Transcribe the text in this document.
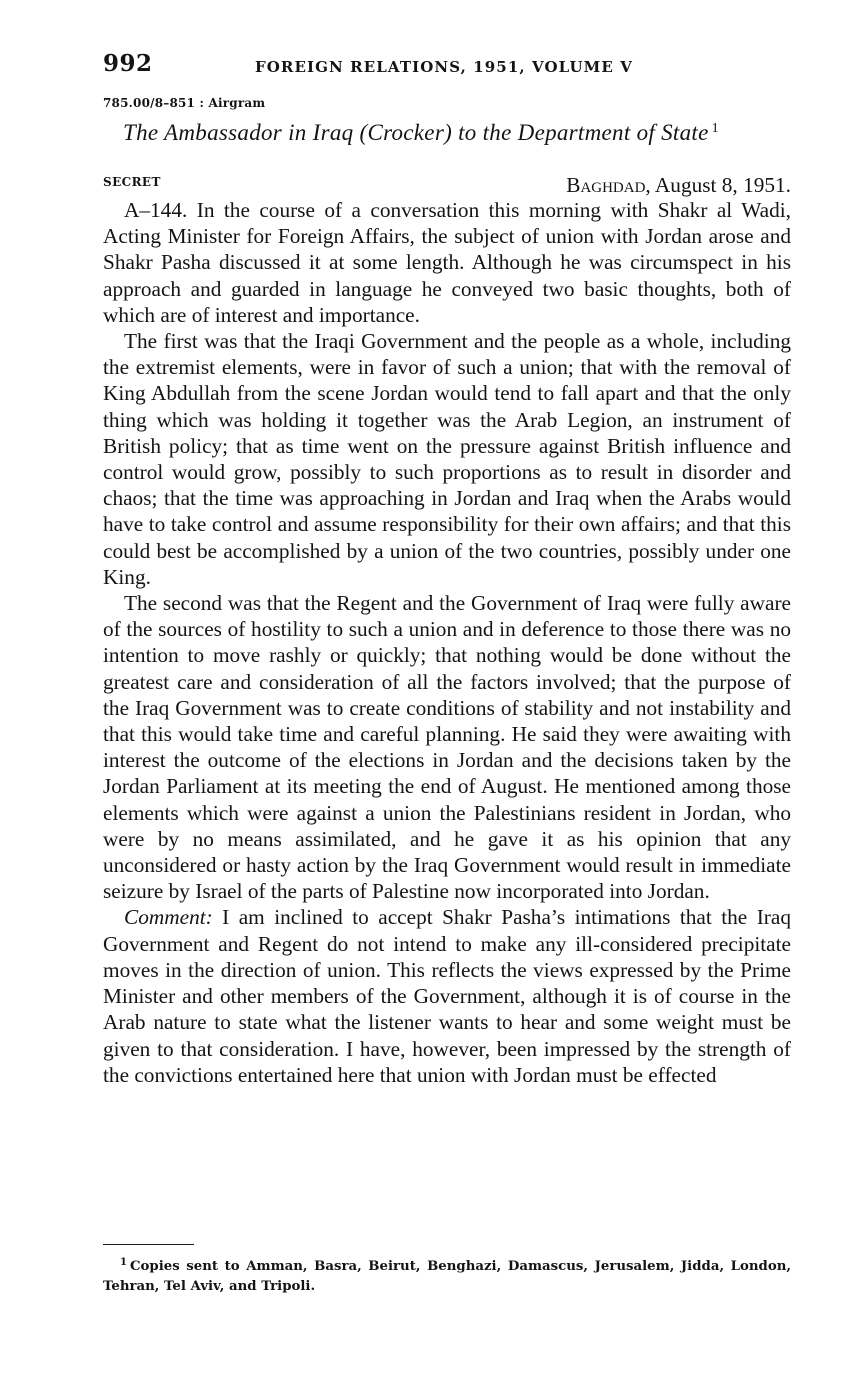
992	FOREIGN RELATIONS, 1951, VOLUME V
785.00/8–851 : Airgram
The Ambassador in Iraq (Crocker) to the Department of State $^1$
SECRET	Baghdad, August 8, 1951.

A–144. In the course of a conversation this morning with Shakr al Wadi, Acting Minister for Foreign Affairs, the subject of union with Jordan arose and Shakr Pasha discussed it at some length. Although he was circumspect in his approach and guarded in language he conveyed two basic thoughts, both of which are of interest and importance.

The first was that the Iraqi Government and the people as a whole, including the extremist elements, were in favor of such a union; that with the removal of King Abdullah from the scene Jordan would tend to fall apart and that the only thing which was holding it together was the Arab Legion, an instrument of British policy; that as time went on the pressure against British influence and control would grow, possibly to such proportions as to result in disorder and chaos; that the time was approaching in Jordan and Iraq when the Arabs would have to take control and assume responsibility for their own affairs; and that this could best be accomplished by a union of the two countries, possibly under one King.

The second was that the Regent and the Government of Iraq were fully aware of the sources of hostility to such a union and in deference to those there was no intention to move rashly or quickly; that nothing would be done without the greatest care and consideration of all the factors involved; that the purpose of the Iraq Government was to create conditions of stability and not instability and that this would take time and careful planning. He said they were awaiting with interest the outcome of the elections in Jordan and the decisions taken by the Jordan Parliament at its meeting the end of August. He mentioned among those elements which were against a union the Palestinians resident in Jordan, who were by no means assimilated, and he gave it as his opinion that any unconsidered or hasty action by the Iraq Government would result in immediate seizure by Israel of the parts of Palestine now incorporated into Jordan.

Comment: I am inclined to accept Shakr Pasha’s intimations that the Iraq Government and Regent do not intend to make any ill-considered precipitate moves in the direction of union. This reflects the views expressed by the Prime Minister and other members of the Government, although it is of course in the Arab nature to state what the listener wants to hear and some weight must be given to that consideration. I have, however, been impressed by the strength of the convictions entertained here that union with Jordan must be effected

$^1$ Copies sent to Amman, Basra, Beirut, Benghazi, Damascus, Jerusalem, Jidda, London, Tehran, Tel Aviv, and Tripoli.
